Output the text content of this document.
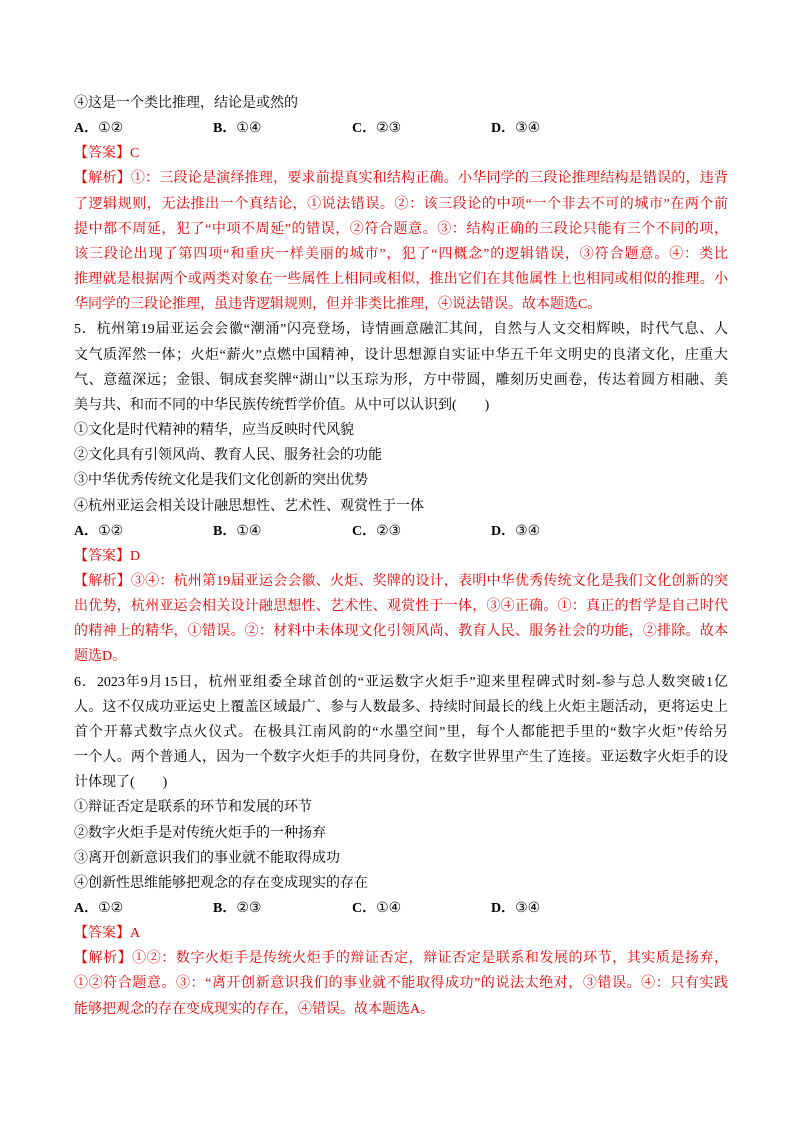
④这是一个类比推理，结论是或然的
A．①②	B．①④	C．②③	D．③④
【答案】C
【解析】①：三段论是演绎推理，要求前提真实和结构正确。小华同学的三段论推理结构是错误的，违背
了逻辑规则，无法推出一个真结论，①说法错误。②：该三段论的中项“一个非去不可的城市”在两个前
提中都不周延，犯了“中项不周延”的错误，②符合题意。③：结构正确的三段论只能有三个不同的项，
该三段论出现了第四项“和重庆一样美丽的城市”，犯了“四概念”的逻辑错误，③符合题意。④：类比
推理就是根据两个或两类对象在一些属性上相同或相似，推出它们在其他属性上也相同或相似的推理。小
华同学的三段论推理，虽违背逻辑规则，但并非类比推理，④说法错误。故本题选C。
5．杭州第19届亚运会会徽“潮涌”闪亮登场，诗情画意融汇其间，自然与人文交相辉映，时代气息、人
文气质浑然一体；火炬“薪火”点燃中国精神，设计思想源自实证中华五千年文明史的良渚文化，庄重大
气、意蕴深远；金银、铜成套奖牌“湖山”以玉琮为形，方中带圆，雕刻历史画卷，传达着圆方相融、美
美与共、和而不同的中华民族传统哲学价值。从中可以认识到(　　)
①文化是时代精神的精华，应当反映时代风貌
②文化具有引领风尚、教育人民、服务社会的功能
③中华优秀传统文化是我们文化创新的突出优势
④杭州亚运会相关设计融思想性、艺术性、观赏性于一体
A．①②	B．①④	C．②③	D．③④
【答案】D
【解析】③④：杭州第19届亚运会会徽、火炬、奖牌的设计，表明中华优秀传统文化是我们文化创新的突
出优势，杭州亚运会相关设计融思想性、艺术性、观赏性于一体，③④正确。①：真正的哲学是自己时代
的精神上的精华，①错误。②：材料中未体现文化引领风尚、教育人民、服务社会的功能，②排除。故本
题选D。
6．2023年9月15日，杭州亚组委全球首创的“亚运数字火炬手”迎来里程碑式时刻-参与总人数突破1亿
人。这不仅成功亚运史上覆盖区域最广、参与人数最多、持续时间最长的线上火炬主题活动，更将运史上
首个开幕式数字点火仪式。在极具江南风韵的“水墨空间”里，每个人都能把手里的“数字火炬”传给另
一个人。两个普通人，因为一个数字火炬手的共同身份，在数字世界里产生了连接。亚运数字火炬手的设
计体现了(　　)
①辩证否定是联系的环节和发展的环节
②数字火炬手是对传统火炬手的一种扬弃
③离开创新意识我们的事业就不能取得成功
④创新性思维能够把观念的存在变成现实的存在
A．①②	B．②③	C．①④	D．③④
【答案】A
【解析】①②：数字火炬手是传统火炬手的辩证否定，辩证否定是联系和发展的环节，其实质是扬弃，
①②符合题意。③：“离开创新意识我们的事业就不能取得成功”的说法太绝对，③错误。④：只有实践
能够把观念的存在变成现实的存在，④错误。故本题选A。
